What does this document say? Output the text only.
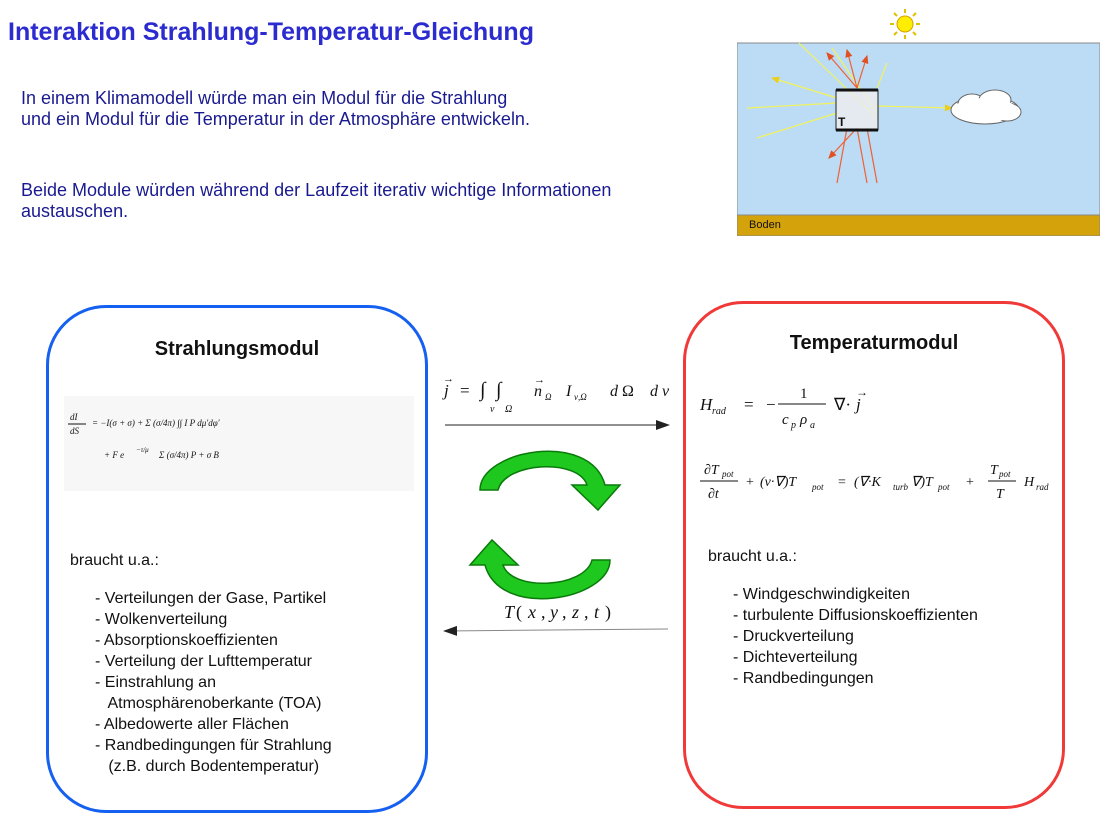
Interaktion Strahlung-Temperatur-Gleichung
In einem Klimamodell würde man ein Modul für die Strahlung und ein Modul für die Temperatur in der Atmosphäre entwickeln.
Beide Module würden während der Laufzeit iterativ wichtige Informationen austauschen.
T
Boden
Strahlungsmodul
dI
dS
= −I(σ + σ) + Σ (σ/4π) ∫∫ I P dμ′dφ′
+ F e −τ/μ Σ (σ/4π) P + σ B
braucht u.a.:
- Verteilungen der Gase, Partikel
- Wolkenverteilung
- Absorptionskoeffizienten
- Verteilung der Lufttemperatur
- Einstrahlung an
Atmosphärenoberkante (TOA)
- Albedowerte aller Flächen
- Randbedingungen für Strahlung
(z.B. durch Bodentemperatur)
Temperaturmodul
H rad = −
1
c p ρ a
∇· j
→
∂T pot
∂t
+ (v·∇)T pot = (∇·K turb ∇)T pot +
T pot
T
H rad
braucht u.a.:
- Windgeschwindigkeiten
- turbulente Diffusionskoeffizienten
- Druckverteilung
- Dichteverteilung
- Randbedingungen
j
→
= ∫ ∫
ν Ω
n
→
Ω I ν,Ω d Ω d ν
T ( x , y , z , t )
